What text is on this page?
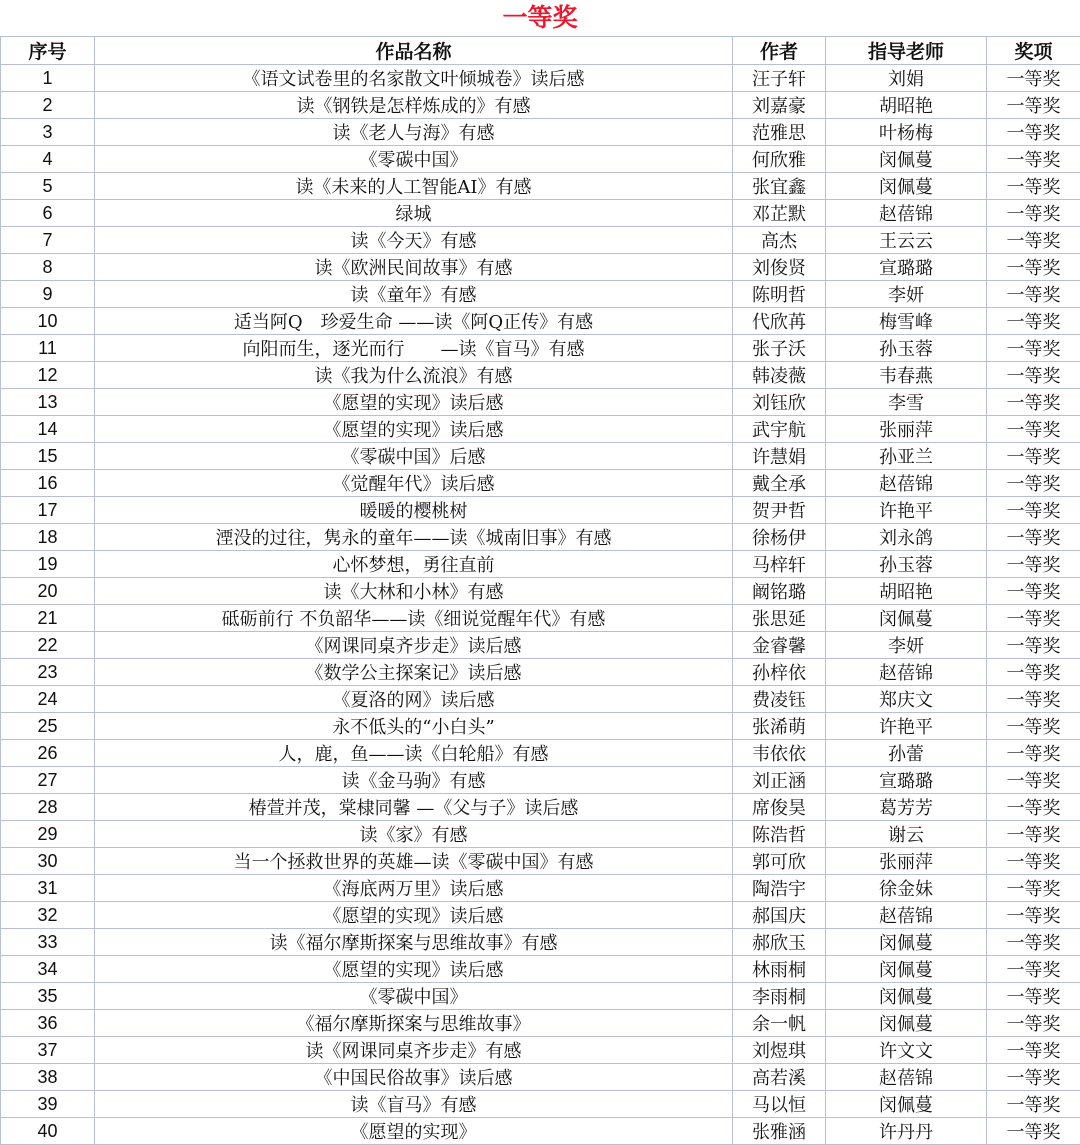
一等奖
序号	作品名称	作者	指导老师	奖项
1	《语文试卷里的名家散文叶倾城卷》读后感	汪子轩	刘娟	一等奖
2	读《钢铁是怎样炼成的》有感	刘嘉豪	胡昭艳	一等奖
3	读《老人与海》有感	范雅思	叶杨梅	一等奖
4	《零碳中国》	何欣雅	闵佩蔓	一等奖
5	读《未来的人工智能AI》有感	张宜鑫	闵佩蔓	一等奖
6	绿城	邓芷默	赵蓓锦	一等奖
7	读《今天》有感	高杰	王云云	一等奖
8	读《欧洲民间故事》有感	刘俊贤	宣璐璐	一等奖
9	读《童年》有感	陈明哲	李妍	一等奖
10	适当阿Q　珍爱生命 ——读《阿Q正传》有感	代欣苒	梅雪峰	一等奖
11	向阳而生，逐光而行　　—读《盲马》有感	张子沃	孙玉蓉	一等奖
12	读《我为什么流浪》有感	韩凌薇	韦春燕	一等奖
13	《愿望的实现》读后感	刘钰欣	李雪	一等奖
14	《愿望的实现》读后感	武宇航	张丽萍	一等奖
15	《零碳中国》后感	许慧娟	孙亚兰	一等奖
16	《觉醒年代》读后感	戴全承	赵蓓锦	一等奖
17	暖暖的樱桃树	贺尹哲	许艳平	一等奖
18	湮没的过往，隽永的童年——读《城南旧事》有感	徐杨伊	刘永鸽	一等奖
19	心怀梦想，勇往直前	马梓轩	孙玉蓉	一等奖
20	读《大林和小林》有感	阚铭璐	胡昭艳	一等奖
21	砥砺前行 不负韶华——读《细说觉醒年代》有感	张思延	闵佩蔓	一等奖
22	《网课同桌齐步走》读后感	金睿馨	李妍	一等奖
23	《数学公主探案记》读后感	孙梓依	赵蓓锦	一等奖
24	《夏洛的网》读后感	费凌钰	郑庆文	一等奖
25	永不低头的“小白头”	张浠萌	许艳平	一等奖
26	人，鹿，鱼——读《白轮船》有感	韦依依	孙蕾	一等奖
27	读《金马驹》有感	刘正涵	宣璐璐	一等奖
28	椿萱并茂，棠棣同馨 —《父与子》读后感	席俊昊	葛芳芳	一等奖
29	读《家》有感	陈浩哲	谢云	一等奖
30	当一个拯救世界的英雄—读《零碳中国》有感	郭可欣	张丽萍	一等奖
31	《海底两万里》读后感	陶浩宇	徐金妹	一等奖
32	《愿望的实现》读后感	郝国庆	赵蓓锦	一等奖
33	读《福尔摩斯探案与思维故事》有感	郝欣玉	闵佩蔓	一等奖
34	《愿望的实现》读后感	林雨桐	闵佩蔓	一等奖
35	《零碳中国》	李雨桐	闵佩蔓	一等奖
36	《福尔摩斯探案与思维故事》	余一帆	闵佩蔓	一等奖
37	读《网课同桌齐步走》有感	刘煜琪	许文文	一等奖
38	《中国民俗故事》读后感	高若溪	赵蓓锦	一等奖
39	读《盲马》有感	马以恒	闵佩蔓	一等奖
40	《愿望的实现》	张雅涵	许丹丹	一等奖
